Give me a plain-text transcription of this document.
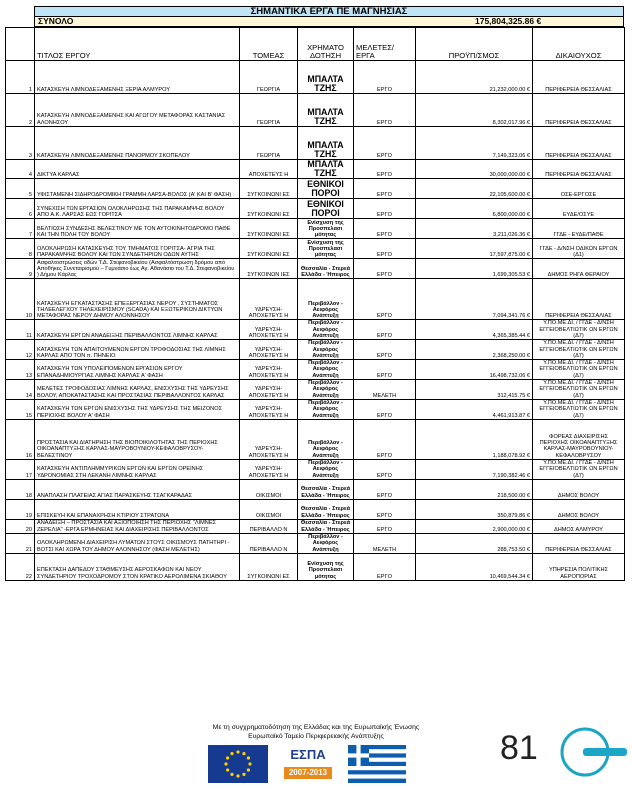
ΣΗΜΑΝΤΙΚΑ ΕΡΓΑ ΠΕ ΜΑΓΝΗΣΙΑΣ
ΣΥΝΟΛΟ	175,804,325.86 €
	ΤΙΤΛΟΣ ΕΡΓΟΥ	ΤΟΜΕΑΣ	ΧΡΗΜΑΤΟ ΔΟΤΗΣΗ	ΜΕΛΕΤΕΣ/ ΕΡΓΑ	ΠΡΟΫΠ/ΣΜΟΣ	ΔΙΚΑΙΟΥΧΟΣ
1	ΚΑΤΑΣΚΕΥΗ ΛΙΜΝΟΔΕΞΑΜΕΝΗΣ ΞΕΡΙΑ ΑΛΜΥΡΟΥ	ΓΕΩΡΓΙΑ	ΜΠΑΛΤΑ ΤΖΗΣ	ΕΡΓΟ	21,232,000.00 €	ΠΕΡΙΦΕΡΕΙΑ ΘΕΣΣΑΛΙΑΣ
2	ΚΑΤΑΣΚΕΥΗ ΛΙΜΝΟΔΕΞΑΜΕΝΗΣ ΚΑΙ ΑΓΩΓΟΥ ΜΕΤΑΦΟΡΑΣ ΚΑΣΤΑΝΙΑΣ ΑΛΟΝΗΣΟΥ	ΓΕΩΡΓΙΑ	ΜΠΑΛΤΑ ΤΖΗΣ	ΕΡΓΟ	8,302,017.96 €	ΠΕΡΙΦΕΡΕΙΑ ΘΕΣΣΑΛΙΑΣ
3	ΚΑΤΑΣΚΕΥΗ ΛΙΜΝΟΔΕΞΑΜΕΝΗΣ ΠΑΝΟΡΜΟΥ ΣΚΟΠΕΛΟΥ	ΓΕΩΡΓΙΑ	ΜΠΑΛΤΑ ΤΖΗΣ	ΕΡΓΟ	7,149,323.06 €	ΠΕΡΙΦΕΡΕΙΑ ΘΕΣΣΑΛΙΑΣ
4	ΔΙΚΤΥΑ ΚΑΡΛΑΣ	ΑΠΟΧΕΤΕΥΣ Η	ΜΠΑΛΤΑ ΤΖΗΣ	ΕΡΓΟ	30,000,000.00 €	ΠΕΡΙΦΕΡΕΙΑ ΘΕΣΣΑΛΙΑΣ
5	ΥΦΙΣΤΑΜΕΝΗ ΣΙΔΗΡΟΔΡΟΜΙΚΗ ΓΡΑΜΜΗ ΛΑΡΣΑ-ΒΟΛΟΣ (Α' ΚΑΙ Β' ΦΑΣΗ)	ΣΥΓΚΟΙΝΩΝΙ ΕΣ	ΕΘΝΙΚΟΙ ΠΟΡΟΙ	ΕΡΓΟ	22,105,600.00 €	ΟΣΕ-ΕΡΓΟΣΕ
6	ΣΥΝΕΧΙΣΗ ΤΩΝ ΕΡΓΑΣΙΩΝ ΟΛΟΚΛΗΡΩΣΗΣ ΤΗΣ ΠΑΡΑΚΑΜΨΗΣ ΒΟΛΟΥ ΑΠΟ Α.Κ. ΛΑΡΣΑΣ ΕΩΣ ΓΟΡΙΤΣΑ	ΣΥΓΚΟΙΝΩΝΙ ΕΣ	ΕΘΝΙΚΟΙ ΠΟΡΟΙ	ΕΡΓΟ	6,800,000.00 €	ΕΥΔΕ/ΟΣΥΕ
7	ΒΕΛΤΙΩΣΗ ΣΥΝΔΕΣΗΣ ΒΕΛΕΣΤΙΝΟΥ ΜΕ ΤΟΝ ΑΥΤΟΚΙΝΗΤΟΔΡΟΜΟ ΠΑΘΕ ΚΑΙ ΤΗΝ ΠΟΛΗ ΤΟΥ ΒΟΛΟΥ	ΣΥΓΚΟΙΝΩΝΙ ΕΣ	Ενίσχυση της Προσπελασι μότητας	ΕΡΓΟ	3,211,026.36 €	ΓΓΔΕ - ΕΥΔΕ/ΠΑΘΕ
8	ΟΛΟΚΛΗΡΩΣΗ ΚΑΤΑΣΚΕΥΗΣ ΤΟΥ ΤΜΗΜΑΤΟΣ ΓΟΡΙΤΣΑ- ΑΓΡΙΑ ΤΗΣ ΠΑΡΑΚΑΜΨΗΣ ΒΟΛΟΥ ΚΑΙ ΤΩΝ ΣΥΝΔΕΤΗΡΙΩΝ ΟΔΩΝ ΑΥΤΗΣ	ΣΥΓΚΟΙΝΩΝΙ ΕΣ	Ενίσχυση της Προσπελασι μότητας	ΕΡΓΟ	17,597,875.00 €	ΓΓΔΕ - Δ/ΝΣΗ ΟΔΙΚΩΝ ΕΡΓΩΝ (Δ1)
9	Ασφαλτοστρώσεις οδών Τ.Δ. Στεφανοβικείου (Ασφαλτόστρωση δρόμου από Αποθήκες Συνεταιρισμού – Γυμνάσιο έως Αγ. Αθανάσιο του Τ.Δ. Στεφανοβικείου ) Δήμου Κάρλας	ΣΥΓΚΟΙΝΩΝ ΙΕΣ	Θεσσαλία - Στερεά Ελλάδα - Ήπειρος	ΕΡΓΟ	1,699,305.53 €	ΔΗΜΟΣ ΡΗΓΑ ΦΕΡΑΙΟΥ
10	ΚΑΤΑΣΚΕΥΗ ΕΓΚΑΤΑΣΤΑΣΗΣ ΕΠΕΞΕΡΓΑΣΙΑΣ ΝΕΡΟΥ , ΣΥΣΤΗΜΑΤΟΣ ΤΗΛΕΕΛΕΓΧΟΥ ΤΗΛΕΧΕΙΡΙΣΜΟΥ (SCADA) ΚΑΙ ΕΞΩΤΕΡΙΚΩΝ ΔΙΚΤΥΩΝ ΜΕΤΑΦΟΡΑΣ ΝΕΡΟΥ ΔΗΜΟΥ ΑΛΟΝΝΗΣΟΥ	ΥΔΡΕΥΣΗ- ΑΠΟΧΕΤΕΥΣ Η	Περιβάλλον - Αειφόρος Ανάπτυξη	ΕΡΓΟ	7,094,341.76 €	ΠΕΡΙΦΕΡΕΙΑ ΘΕΣΣΑΛΙΑΣ
11	ΚΑΤΑΣΚΕΥΗ ΕΡΓΩΝ ΑΝΑΔΕΙΞΗΣ ΠΕΡΙΒΑΛΛΟΝΤΟΣ ΛΙΜΝΗΣ ΚΑΡΛΑΣ	ΥΔΡΕΥΣΗ- ΑΠΟΧΕΤΕΥΣ Η	Περιβάλλον - Αειφόρος Ανάπτυξη	ΕΡΓΟ	4,365,385.44 €	Υ.ΠΟ.ΜΕ.ΔΙ. / ΓΓΔΕ - Δ/ΝΣΗ ΕΓΓΕΙΟΒΕΛΤΙΩΤΙΚ ΩΝ ΕΡΓΩΝ (Δ7)
12	ΚΑΤΑΣΚΕΥΗ ΤΩΝ ΑΠΑΙΤΟΥΜΕΝΩΝ ΕΡΓΩΝ ΤΡΟΦΟΔΟΣΙΑΣ ΤΗΣ ΛΙΜΝΗΣ ΚΑΡΛΑΣ ΑΠΟ ΤΟΝ π. ΠΗΝΕΙΟ	ΥΔΡΕΥΣΗ- ΑΠΟΧΕΤΕΥΣ Η	Περιβάλλον - Αειφόρος Ανάπτυξη	ΕΡΓΟ	2,368,250.00 €	Υ.ΠΟ.ΜΕ.ΔΙ. / ΓΓΔΕ - Δ/ΝΣΗ ΕΓΓΕΙΟΒΕΛΤΙΩΤΙΚ ΩΝ ΕΡΓΩΝ (Δ7)
13	ΚΑΤΑΣΚΕΥΗ ΤΩΝ ΥΠΟΛΕΙΠΟΜΕΝΩΝ ΕΡΓΑΣΙΩΝ ΕΡΓΟΥ ΕΠΑΝΑΔΗΜΙΟΥΡΓΙΑΣ ΛΙΜΝΗΣ ΚΑΡΛΑΣ Α' ΦΑΣΗ	ΥΔΡΕΥΣΗ- ΑΠΟΧΕΤΕΥΣ Η	Περιβάλλον - Αειφόρος Ανάπτυξη	ΕΡΓΟ	16,498,732.06 €	Υ.ΠΟ.ΜΕ.ΔΙ. / ΓΓΔΕ - Δ/ΝΣΗ ΕΓΓΕΙΟΒΕΛΤΙΩΤΙΚ ΩΝ ΕΡΓΩΝ (Δ7)
14	ΜΕΛΕΤΕΣ ΤΡΟΦΟΔΟΣΙΑΣ ΛΙΜΝΗΣ ΚΑΡΛΑΣ, ΕΝΙΣΧΥΣΗΣ ΤΗΣ ΥΔΡΕΥΣΗΣ ΒΟΛΟΥ, ΑΠΟΚΑΤΑΣΤΑΣΗΣ ΚΑΙ ΠΡΟΣΤΑΣΙΑΣ ΠΕΡΙΒΑΛΛΟΝΤΟΣ ΚΑΡΛΑΣ	ΥΔΡΕΥΣΗ- ΑΠΟΧΕΤΕΥΣ Η	Περιβάλλον - Αειφόρος Ανάπτυξη	ΜΕΛΕΤΗ	312,415.75 €	Υ.ΠΟ.ΜΕ.ΔΙ. / ΓΓΔΕ - Δ/ΝΣΗ ΕΓΓΕΙΟΒΕΛΤΙΩΤΙΚ ΩΝ ΕΡΓΩΝ (Δ7)
15	ΚΑΤΑΣΚΕΥΗ ΤΩΝ ΕΡΓΩΝ ΕΝΙΣΧΥΣΗΣ ΤΗΣ ΥΔΡΕΥΣΗΣ ΤΗΣ ΜΕΙΖΟΝΟΣ ΠΕΡΙΟΧΗΣ ΒΟΛΟΥ Α' ΦΑΣΗ	ΥΔΡΕΥΣΗ- ΑΠΟΧΕΤΕΥΣ Η	Περιβάλλον - Αειφόρος Ανάπτυξη	ΕΡΓΟ	4,461,913.87 €	Υ.ΠΟ.ΜΕ.ΔΙ. / ΓΓΔΕ - Δ/ΝΣΗ ΕΓΓΕΙΟΒΕΛΤΙΩΤΙΚ ΩΝ ΕΡΓΩΝ (Δ7)
16	ΠΡΟΣΤΑΣΙΑ ΚΑΙ ΔΙΑΤΗΡΗΣΗ ΤΗΣ ΒΙΟΠΟΙΚΙΛΟΤΗΤΑΣ ΤΗΣ ΠΕΡΙΟΧΗΣ ΟΙΚΟΑΝΑΠΤΥΞΗΣ ΚΑΡΛΑΣ-ΜΑΥΡΟΒΟΥΝΙΟΥ-ΚΕΦΑΛΟΒΡΥΣΟΥ-ΒΕΛΕΣΤΙΝΟΥ	ΥΔΡΕΥΣΗ- ΑΠΟΧΕΤΕΥΣ Η	Περιβάλλον - Αειφόρος Ανάπτυξη	ΕΡΓΟ	1,188,078.92 €	ΦΟΡΕΑΣ ΔΙΑΧΕΙΡΙΣΗΣ ΠΕΡΙΟΧΗΣ ΟΙΚΟΑΝΑΠΤΥΞΗΣ ΚΑΡΛΑΣ-ΜΑΥΡΟΒΟΥΝΙΟΥ-ΚΕΦΑΛΟΒΡΥΣΟΥ
17	ΚΑΤΑΣΚΕΥΗ ΑΝΤΙΠΛΗΜΜΥΡΙΚΩΝ ΕΡΓΩΝ ΚΑΙ ΕΡΓΩΝ ΟΡΕΙΝΗΣ ΥΔΡΟΝΟΜΙΑΣ ΣΤΗ ΛΕΚΑΝΗ ΛΙΜΝΗΣ ΚΑΡΛΑΣ	ΥΔΡΕΥΣΗ- ΑΠΟΧΕΤΕΥΣ Η	Περιβάλλον - Αειφόρος Ανάπτυξη	ΕΡΓΟ	7,190,382.46 €	Υ.ΠΟ.ΜΕ.ΔΙ. / ΓΓΔΕ - Δ/ΝΣΗ ΕΓΓΕΙΟΒΕΛΤΙΩΤΙΚ ΩΝ ΕΡΓΩΝ (Δ7)
18	ΑΝΑΠΛΑΣΗ ΠΛΑΤΕΙΑΣ ΑΓΙΑΣ ΠΑΡΑΣΚΕΥΗΣ ΤΣΑΓΚΑΡΑΔΑΣ	ΟΙΚΙΣΜΟΙ	Θεσσαλία - Στερεά Ελλάδα - Ήπειρος	ΕΡΓΟ	218,500.00 €	ΔΗΜΟΣ ΒΟΛΟΥ
19	ΕΠΙΣΚΕΥΗ ΚΑΙ ΕΠΑΝΑΧΡΗΣΗ ΚΤΙΡΙΟΥ ΣΤΡΑΤΩΝΑ	ΟΙΚΙΣΜΟΙ	Θεσσαλία - Στερεά Ελλάδα - Ήπειρος	ΕΡΓΟ	350,879.86 €	ΔΗΜΟΣ ΒΟΛΟΥ
20	ΑΝΑΔΕΙΞΗ – ΠΡΟΣΤΑΣΙΑ ΚΑΙ ΑΞΙΟΠΟΙΗΣΗ ΤΗΣ ΠΕΡΙΟΧΗΣ "ΛΙΜΝΕΣ ΖΕΡΕΛΙΑ" -ΕΡΓΑ ΕΡΜΗΝΕΙΑΣ ΚΑΙ ΔΙΑΧΕΙΡΙΣΗΣ ΠΕΡΙΒΑΛΛΟΝΤΟΣ	ΠΕΡΙΒΑΛΛΟ Ν	Θεσσαλία - Στερεά Ελλάδα - Ήπειρος	ΕΡΓΟ	2,900,000.00 €	ΔΗΜΟΣ ΑΛΜΥΡΟΥ
21	ΟΛΟΚΛΗΡΩΜΕΝΗ ΔΙΑΧΕΙΡΙΣΗ ΛΥΜΑΤΩΝ ΣΤΟΥΣ ΟΙΚΙΣΜΟΥΣ ΠΑΤΗΤΗΡΙ - ΒΟΤΣΙ ΚΑΙ ΧΩΡΑ ΤΟΥ ΔΗΜΟΥ ΑΛΟΝΝΗΣΟΥ (ΦΑΣΗ ΜΕΛΕΤΗΣ)	ΠΕΡΙΒΑΛΛΟ Ν	Περιβάλλον - Αειφόρος Ανάπτυξη	ΜΕΛΕΤΗ	288,753.50 €	ΠΕΡΙΦΕΡΕΙΑ ΘΕΣΣΑΛΙΑΣ
22	ΕΠΕΚΤΑΣΗ ΔΑΠΕΔΟΥ ΣΤΑΘΜΕΥΣΗΣ ΑΕΡΟΣΚΑΦΩΝ ΚΑΙ ΝΕΟΥ ΣΥΝΔΕΤΗΡΙΟΥ ΤΡΟΧΟΔΡΟΜΟΥ ΣΤΟΝ ΚΡΑΤΙΚΟ ΑΕΡΟΛΙΜΕΝΑ ΣΚΙΑΘΟΥ	ΣΥΓΚΟΙΝΩΝΙ ΕΣ	Ενίσχυση της Προσπελασι μότητας	ΕΡΓΟ	10,469,544.34 €	ΥΠΗΡΕΣΙΑ ΠΟΛΙΤΙΚΗΣ ΑΕΡΟΠΟΡΙΑΣ
Με τη συγχρηματοδότηση της Ελλάδας και της Ευρωπαϊκής Ένωσης
Ευρωπαϊκό Ταμείο Περιφερειακής Ανάπτυξης
ΕΣΠΑ
2007-2013
81
